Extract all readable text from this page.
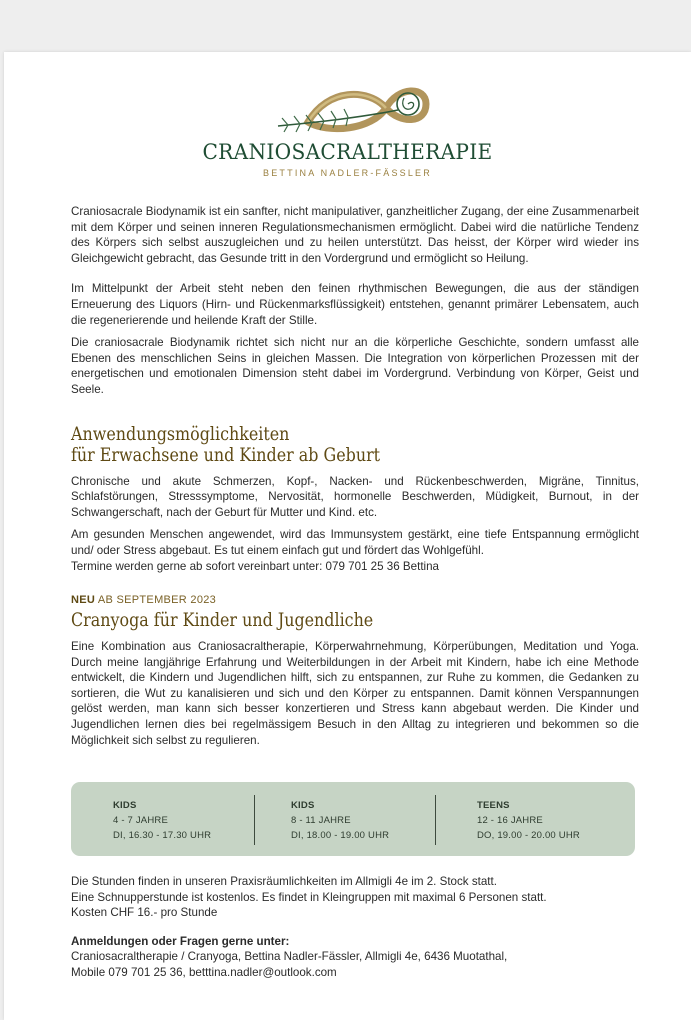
CRANIOSACRALTHERAPIE
BETTINA NADLER-FÄSSLER

Craniosacrale Biodynamik ist ein sanfter, nicht manipulativer, ganzheitlicher Zugang, der eine Zusammenarbeit mit dem Körper und seinen inneren Regulationsmechanismen ermöglicht. Dabei wird die natürliche Tendenz des Körpers sich selbst auszugleichen und zu heilen unterstützt. Das heisst, der Körper wird wieder ins Gleichgewicht gebracht, das Gesunde tritt in den Vordergrund und ermöglicht so Heilung.

Im Mittelpunkt der Arbeit steht neben den feinen rhythmischen Bewegungen, die aus der ständigen Erneuerung des Liquors (Hirn- und Rückenmarksflüssigkeit) entstehen, genannt primärer Lebensatem, auch die regenerierende und heilende Kraft der Stille.

Die craniosacrale Biodynamik richtet sich nicht nur an die körperliche Geschichte, sondern umfasst alle Ebenen des menschlichen Seins in gleichen Massen. Die Integration von körperlichen Prozessen mit der energetischen und emotionalen Dimension steht dabei im Vordergrund. Verbindung von Körper, Geist und Seele.

Anwendungsmöglichkeiten
für Erwachsene und Kinder ab Geburt

Chronische und akute Schmerzen, Kopf-, Nacken- und Rückenbeschwerden, Migräne, Tinnitus, Schlafstörungen, Stresssymptome, Nervosität, hormonelle Beschwerden, Müdigkeit, Burnout, in der Schwangerschaft, nach der Geburt für Mutter und Kind. etc.

Am gesunden Menschen angewendet, wird das Immunsystem gestärkt, eine tiefe Entspannung ermöglicht und/ oder Stress abgebaut. Es tut einem einfach gut und fördert das Wohlgefühl.

Termine werden gerne ab sofort vereinbart unter: 079 701 25 36 Bettina

NEU AB SEPTEMBER 2023
Cranyoga für Kinder und Jugendliche

Eine Kombination aus Craniosacraltherapie, Körperwahrnehmung, Körperübungen, Meditation und Yoga. Durch meine langjährige Erfahrung und Weiterbildungen in der Arbeit mit Kindern, habe ich eine Methode entwickelt, die Kindern und Jugendlichen hilft, sich zu entspannen, zur Ruhe zu kommen, die Gedanken zu sortieren, die Wut zu kanalisieren und sich und den Körper zu entspannen. Damit können Verspannungen gelöst werden, man kann sich besser konzertieren und Stress kann abgebaut werden. Die Kinder und Jugendlichen lernen dies bei regelmässigem Besuch in den Alltag zu integrieren und bekommen so die Möglichkeit sich selbst zu regulieren.

KIDS
4 - 7 JAHRE
DI, 16.30 - 17.30 UHR
KIDS
8 - 11 JAHRE
DI, 18.00 - 19.00 UHR
TEENS
12 - 16 JAHRE
DO, 19.00 - 20.00 UHR

Die Stunden finden in unseren Praxisräumlichkeiten im Allmigli 4e im 2. Stock statt.

Eine Schnupperstunde ist kostenlos. Es findet in Kleingruppen mit maximal 6 Personen statt.

Kosten CHF 16.- pro Stunde

Anmeldungen oder Fragen gerne unter:

Craniosacraltherapie / Cranyoga, Bettina Nadler-Fässler, Allmigli 4e, 6436 Muotathal,

Mobile 079 701 25 36, betttina.nadler@outlook.com
